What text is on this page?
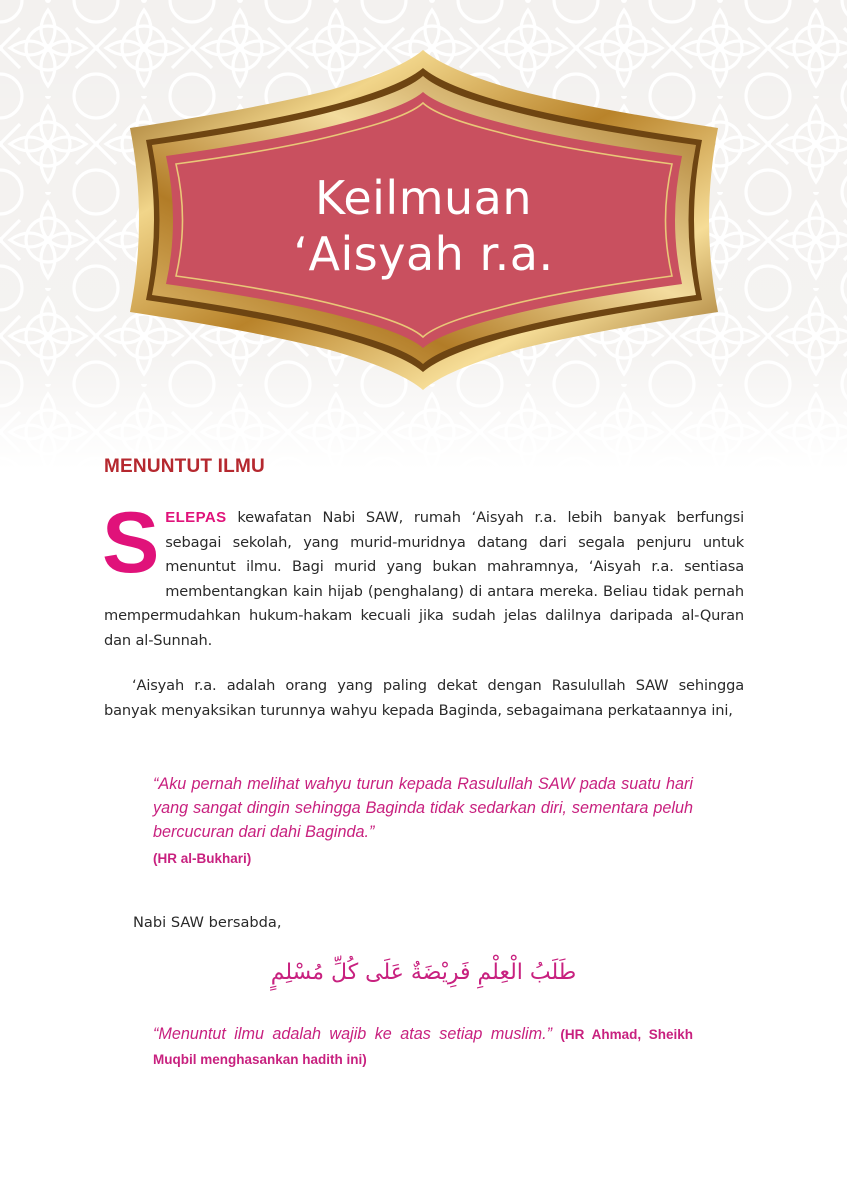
Keilmuan
‘Aisyah r.a.
MENUNTUT ILMU

SELEPAS kewafatan Nabi SAW, rumah ‘Aisyah r.a. lebih banyak berfungsi sebagai sekolah, yang murid-muridnya datang dari segala penjuru untuk menuntut ilmu. Bagi murid yang bukan mahramnya, ‘Aisyah r.a. sentiasa membentangkan kain hijab (penghalang) di antara mereka. Beliau tidak pernah mempermudahkan hukum-hakam kecuali jika sudah jelas dalilnya daripada al-Quran dan al-Sunnah.

‘Aisyah r.a. adalah orang yang paling dekat dengan Rasulullah SAW sehingga banyak menyaksikan turunnya wahyu kepada Baginda, sebagaimana perkataannya ini,

“Aku pernah melihat wahyu turun kepada Rasulullah SAW pada suatu hari yang sangat dingin sehingga Baginda tidak sedarkan diri, sementara peluh bercucuran dari dahi Baginda.”

(HR al-Bukhari)

Nabi SAW bersabda,

طَلَبُ الْعِلْمِ فَرِيْضَةٌ عَلَى كُلِّ مُسْلِمٍ

“Menuntut ilmu adalah wajib ke atas setiap muslim.” (HR Ahmad, Sheikh Muqbil menghasankan hadith ini)
